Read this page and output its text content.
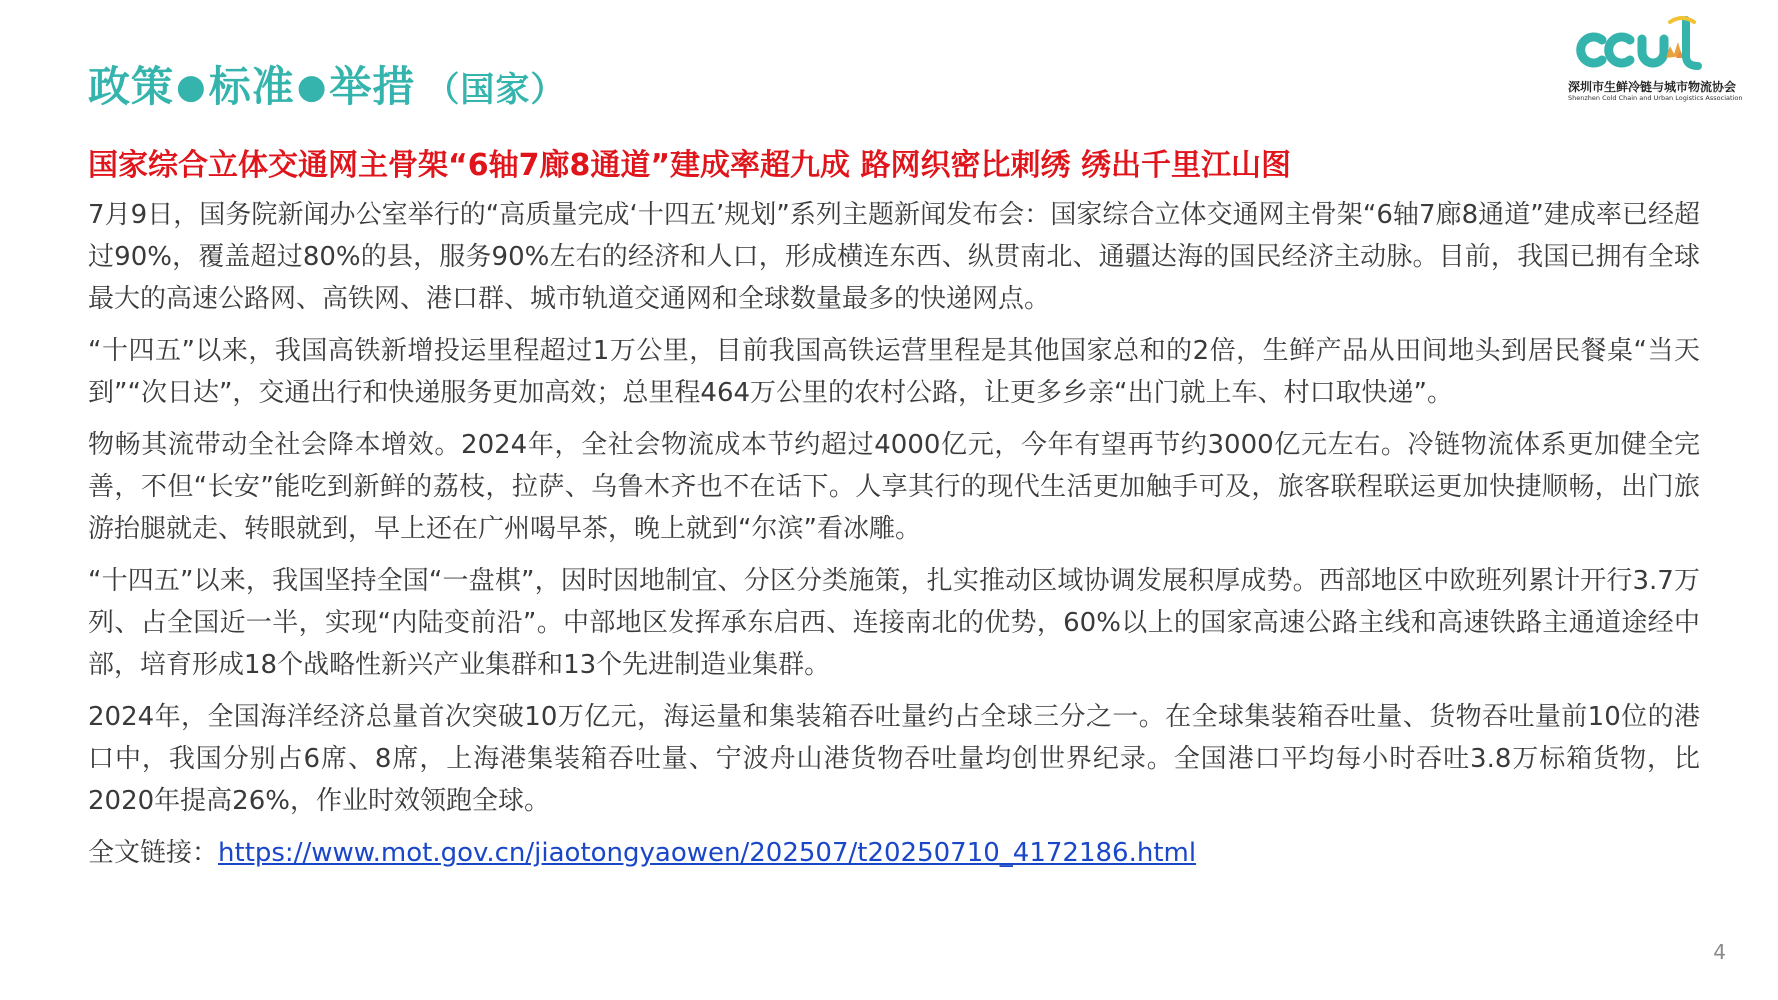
政策●标准●举措 （国家）	深圳市生鲜冷链与城市物流协会
Shenzhen Cold Chain and Urban Logistics Association
国家综合立体交通网主骨架“6轴7廊8通道”建成率超九成 路网织密比刺绣 绣出千里江山图

7月9日，国务院新闻办公室举行的“高质量完成‘十四五’规划”系列主题新闻发布会：国家综合立体交通网主骨架“6轴7廊8通道”建成率已经超过90%，覆盖超过80%的县，服务90%左右的经济和人口，形成横连东西、纵贯南北、通疆达海的国民经济主动脉。目前，我国已拥有全球最大的高速公路网、高铁网、港口群、城市轨道交通网和全球数量最多的快递网点。

“十四五”以来，我国高铁新增投运里程超过1万公里，目前我国高铁运营里程是其他国家总和的2倍，生鲜产品从田间地头到居民餐桌“当天到”“次日达”，交通出行和快递服务更加高效；总里程464万公里的农村公路，让更多乡亲“出门就上车、村口取快递”。

物畅其流带动全社会降本增效。2024年，全社会物流成本节约超过4000亿元，今年有望再节约3000亿元左右。冷链物流体系更加健全完善，不但“长安”能吃到新鲜的荔枝，拉萨、乌鲁木齐也不在话下。人享其行的现代生活更加触手可及，旅客联程联运更加快捷顺畅，出门旅游抬腿就走、转眼就到，早上还在广州喝早茶，晚上就到“尔滨”看冰雕。

“十四五”以来，我国坚持全国“一盘棋”，因时因地制宜、分区分类施策，扎实推动区域协调发展积厚成势。西部地区中欧班列累计开行3.7万列、占全国近一半，实现“内陆变前沿”。中部地区发挥承东启西、连接南北的优势，60%以上的国家高速公路主线和高速铁路主通道途经中部，培育形成18个战略性新兴产业集群和13个先进制造业集群。

2024年，全国海洋经济总量首次突破10万亿元，海运量和集装箱吞吐量约占全球三分之一。在全球集装箱吞吐量、货物吞吐量前10位的港口中，我国分别占6席、8席，上海港集装箱吞吐量、宁波舟山港货物吞吐量均创世界纪录。全国港口平均每小时吞吐3.8万标箱货物，比2020年提高26%，作业时效领跑全球。

全文链接：https://www.mot.gov.cn/jiaotongyaowen/202507/t20250710_4172186.html
4
